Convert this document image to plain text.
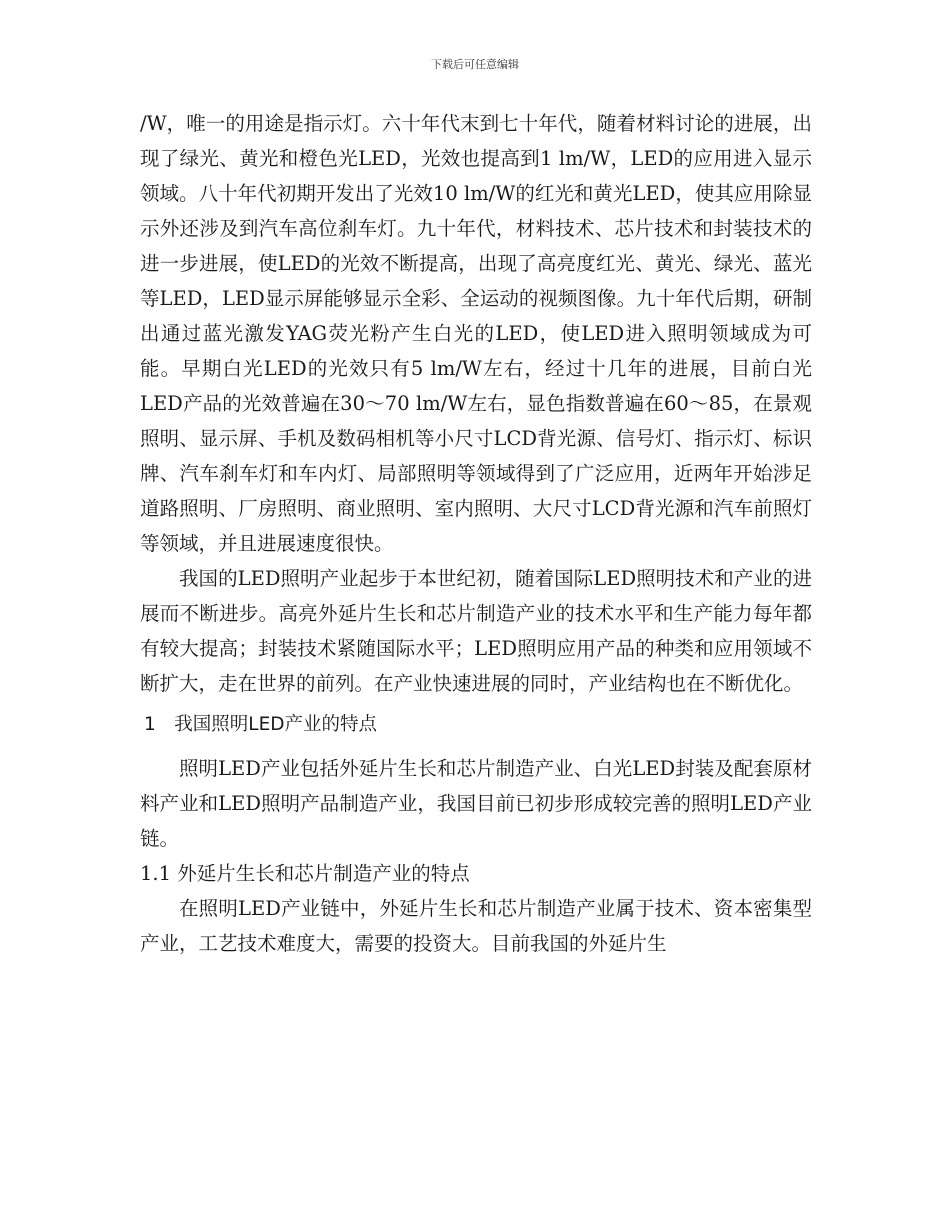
下载后可任意编辑

/W，唯一的用途是指示灯。六十年代末到七十年代，随着材料讨论的进展，出现了绿光、黄光和橙色光LED，光效也提高到1 lm/W，LED的应用进入显示领域。八十年代初期开发出了光效10 lm/W的红光和黄光LED，使其应用除显示外还涉及到汽车高位刹车灯。九十年代，材料技术、芯片技术和封装技术的进一步进展，使LED的光效不断提高，出现了高亮度红光、黄光、绿光、蓝光等LED，LED显示屏能够显示全彩、全运动的视频图像。九十年代后期，研制出通过蓝光激发YAG荧光粉产生白光的LED，使LED进入照明领域成为可能。早期白光LED的光效只有5 lm/W左右，经过十几年的进展，目前白光LED产品的光效普遍在30～70 lm/W左右，显色指数普遍在60～85，在景观照明、显示屏、手机及数码相机等小尺寸LCD背光源、信号灯、指示灯、标识牌、汽车刹车灯和车内灯、局部照明等领域得到了广泛应用，近两年开始涉足道路照明、厂房照明、商业照明、室内照明、大尺寸LCD背光源和汽车前照灯等领域，并且进展速度很快。

我国的LED照明产业起步于本世纪初，随着国际LED照明技术和产业的进展而不断进步。高亮外延片生长和芯片制造产业的技术水平和生产能力每年都有较大提高；封装技术紧随国际水平；LED照明应用产品的种类和应用领域不断扩大，走在世界的前列。在产业快速进展的同时，产业结构也在不断优化。

1　我国照明LED产业的特点

照明LED产业包括外延片生长和芯片制造产业、白光LED封装及配套原材料产业和LED照明产品制造产业，我国目前已初步形成较完善的照明LED产业链。

1.1 外延片生长和芯片制造产业的特点

在照明LED产业链中，外延片生长和芯片制造产业属于技术、资本密集型产业，工艺技术难度大，需要的投资大。目前我国的外延片生
